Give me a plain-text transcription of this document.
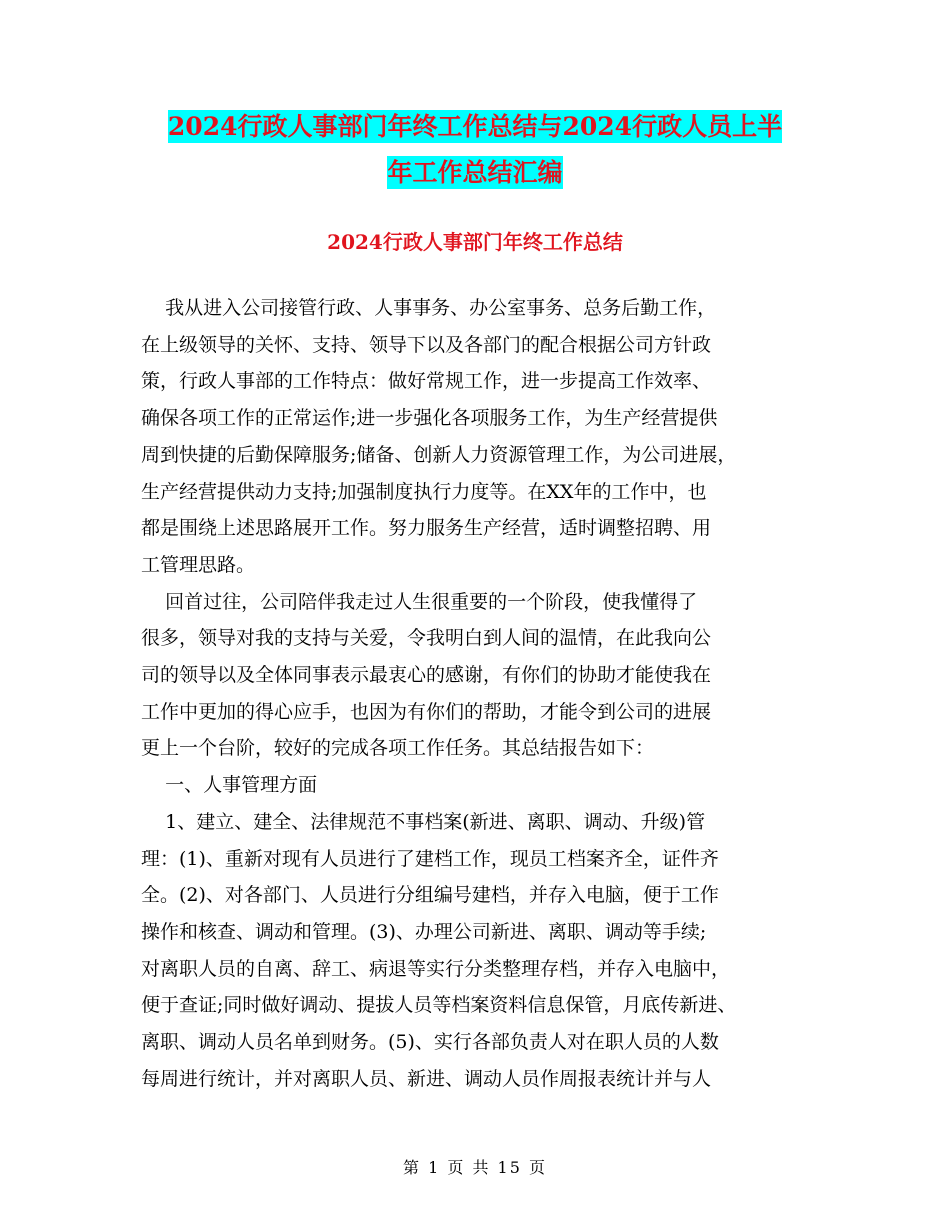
2024行政人事部门年终工作总结与2024行政人员上半
年工作总结汇编
2024行政人事部门年终工作总结
我从进入公司接管行政、人事事务、办公室事务、总务后勤工作，
在上级领导的关怀、支持、领导下以及各部门的配合根据公司方针政
策，行政人事部的工作特点：做好常规工作，进一步提高工作效率、
确保各项工作的正常运作;进一步强化各项服务工作，为生产经营提供
周到快捷的后勤保障服务;储备、创新人力资源管理工作，为公司进展，
生产经营提供动力支持;加强制度执行力度等。在XX年的工作中，也
都是围绕上述思路展开工作。努力服务生产经营，适时调整招聘、用
工管理思路。
回首过往，公司陪伴我走过人生很重要的一个阶段，使我懂得了
很多，领导对我的支持与关爱，令我明白到人间的温情，在此我向公
司的领导以及全体同事表示最衷心的感谢，有你们的协助才能使我在
工作中更加的得心应手，也因为有你们的帮助，才能令到公司的进展
更上一个台阶，较好的完成各项工作任务。其总结报告如下：
一、人事管理方面
1、建立、建全、法律规范不事档案(新进、离职、调动、升级)管
理：(1)、重新对现有人员进行了建档工作，现员工档案齐全，证件齐
全。(2)、对各部门、人员进行分组编号建档，并存入电脑，便于工作
操作和核查、调动和管理。(3)、办理公司新进、离职、调动等手续;
对离职人员的自离、辞工、病退等实行分类整理存档，并存入电脑中，
便于查证;同时做好调动、提拔人员等档案资料信息保管，月底传新进、
离职、调动人员名单到财务。(5)、实行各部负责人对在职人员的人数
每周进行统计，并对离职人员、新进、调动人员作周报表统计并与人
第 1 页 共 15 页
